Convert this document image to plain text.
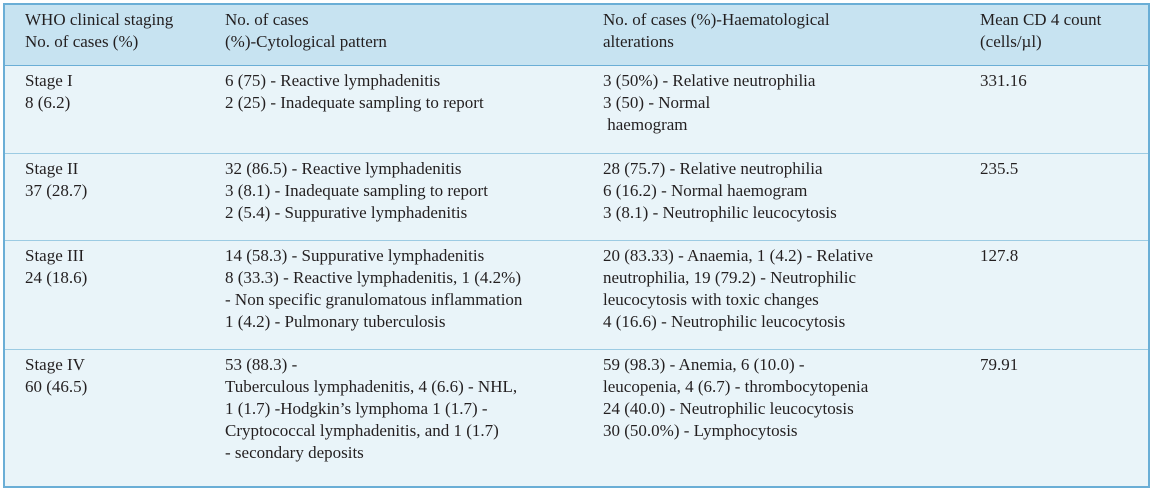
WHO clinical staging
No. of cases (%)
No. of cases
(%)-Cytological pattern
No. of cases (%)-Haematological
alterations
Mean CD 4 count
(cells/µl)
Stage I
8 (6.2)
6 (75) - Reactive lymphadenitis
2 (25) - Inadequate sampling to report
3 (50%) - Relative neutrophilia
3 (50) - Normal
haemogram
331.16
Stage II
37 (28.7)
32 (86.5) - Reactive lymphadenitis
3 (8.1) - Inadequate sampling to report
2 (5.4) - Suppurative lymphadenitis
28 (75.7) - Relative neutrophilia
6 (16.2) - Normal haemogram
3 (8.1) - Neutrophilic leucocytosis
235.5
Stage III
24 (18.6)
14 (58.3) - Suppurative lymphadenitis
8 (33.3) - Reactive lymphadenitis, 1 (4.2%)
- Non specific granulomatous inflammation
1 (4.2) - Pulmonary tuberculosis
20 (83.33) - Anaemia, 1 (4.2) - Relative
neutrophilia, 19 (79.2) - Neutrophilic
leucocytosis with toxic changes
4 (16.6) - Neutrophilic leucocytosis
127.8
Stage IV
60 (46.5)
53 (88.3) -
Tuberculous lymphadenitis, 4 (6.6) - NHL,
1 (1.7) -Hodgkin’s lymphoma 1 (1.7) -
Cryptococcal lymphadenitis, and 1 (1.7)
- secondary deposits
59 (98.3) - Anemia, 6 (10.0) -
leucopenia, 4 (6.7) - thrombocytopenia
24 (40.0) - Neutrophilic leucocytosis
30 (50.0%) - Lymphocytosis
79.91
